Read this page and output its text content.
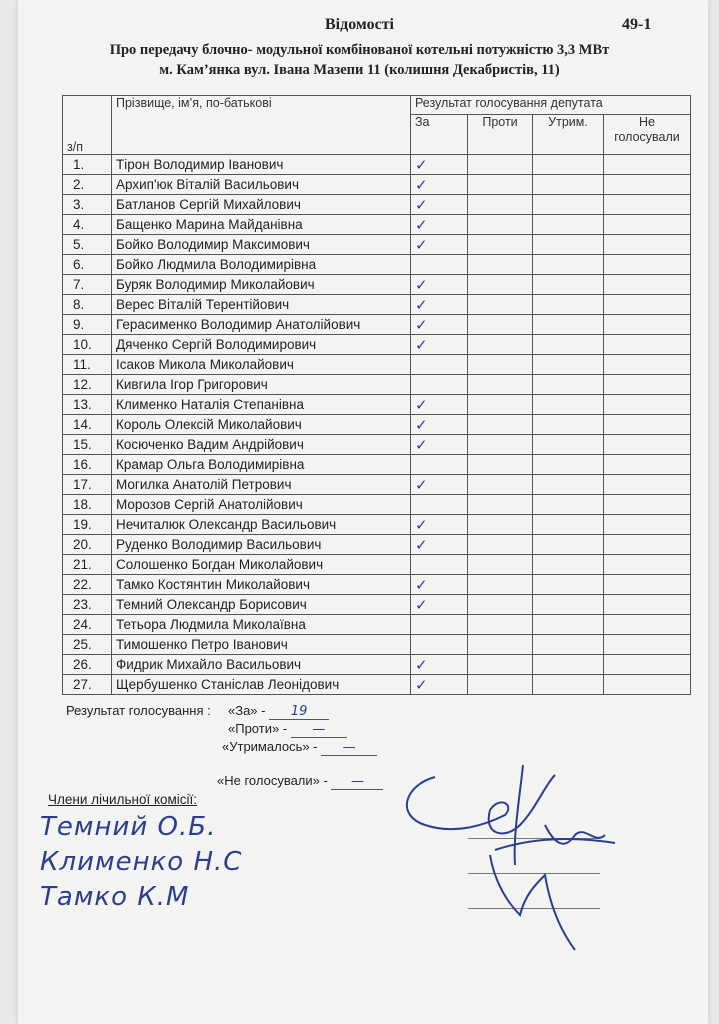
Відомості	49-1
Про передачу блочно- модульної комбінованої котельні потужністю 3,3 МВт
м. Кам’янка вул. Івана Мазепи 11 (колишня Декабристів, 11)
з/п	Прізвище, ім’я, по-батькові	Результат голосування депутата			
		За	Проти	Утрим.	Не голосували
1.	Тірон Володимир Іванович	✓			
2.	Архип'юк Віталій Васильович	✓			
3.	Батланов Сергій Михайлович	✓			
4.	Бащенко Марина Майданівна	✓			
5.	Бойко Володимир Максимович	✓			
6.	Бойко Людмила Володимирівна				
7.	Буряк Володимир Миколайович	✓			
8.	Верес Віталій Терентійович	✓			
9.	Герасименко Володимир Анатолійович	✓			
10.	Дяченко Сергій Володимирович	✓			
11.	Ісаков Микола Миколайович				
12.	Кивгила Ігор Григорович				
13.	Клименко Наталія Степанівна	✓			
14.	Король Олексій Миколайович	✓			
15.	Косюченко Вадим Андрійович	✓			
16.	Крамар Ольга Володимирівна				
17.	Могилка Анатолій Петрович	✓			
18.	Морозов Сергій Анатолійович				
19.	Нечиталюк Олександр Васильович	✓			
20.	Руденко Володимир Васильович	✓			
21.	Солошенко Богдан Миколайович				
22.	Тамко Костянтин Миколайович	✓			
23.	Темний Олександр Борисович	✓			
24.	Тетьора Людмила Миколаївна				
25.	Тимошенко Петро Іванович				
26.	Фидрик Михайло Васильович	✓			
27.	Щербушенко Станіслав Леонідович	✓			
Результат голосування : «За» - 19
«Проти» - —
«Утрималось» - —
«Не голосували» - —
Члени лічильної комісії:
Темний О.Б.
Клименко Н.С
Тамко К.М
